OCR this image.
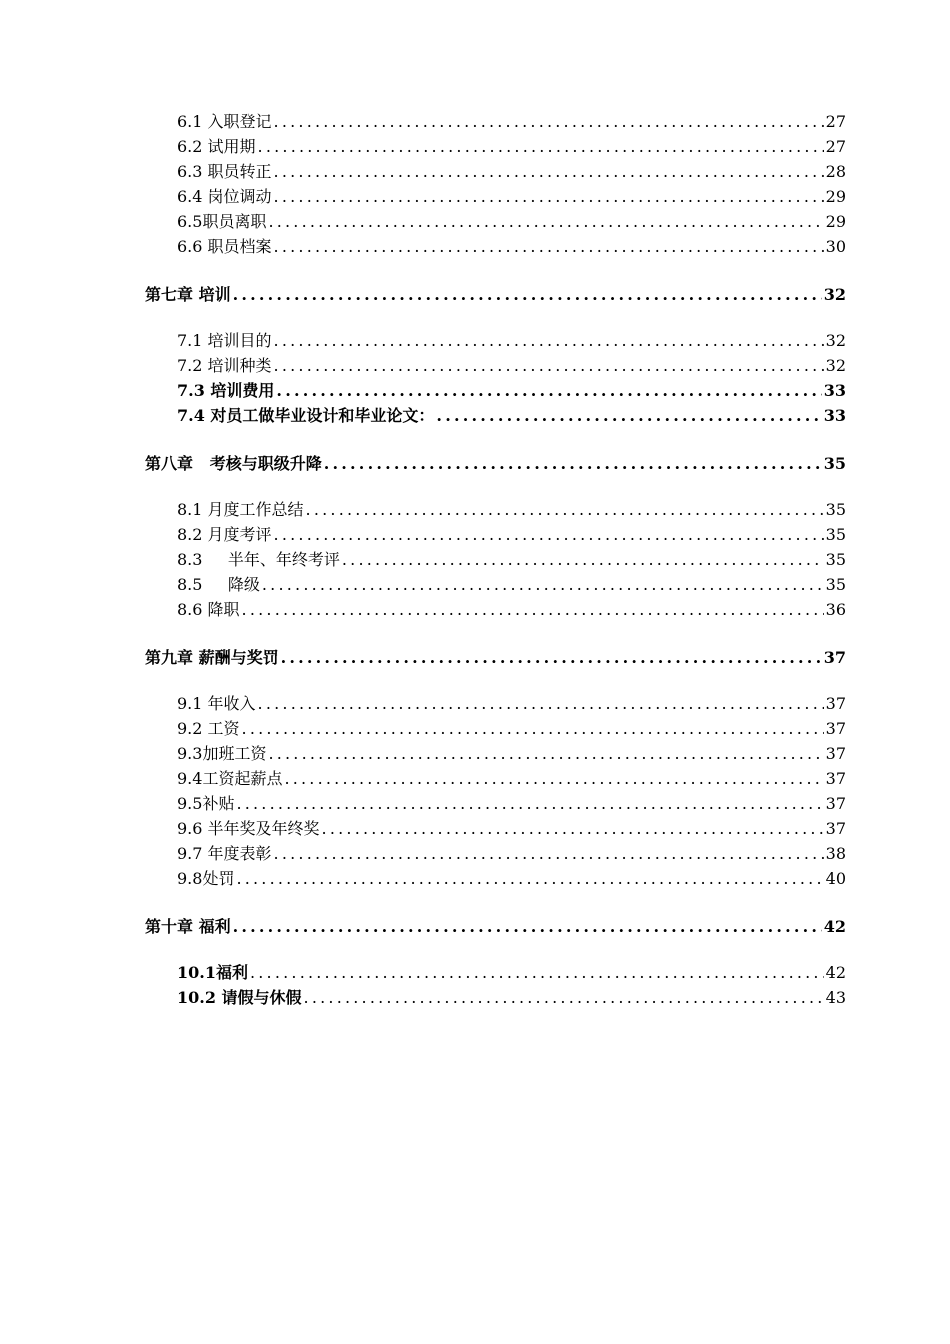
6.1 入职登记 .....	27
6.2 试用期 .....	27
6.3 职员转正 .....	28
6.4 岗位调动 .....	29
6.5职员离职 .....	29
6.6 职员档案 .....	30
第七章 培训 .....	32
7.1 培训目的 .....	32
7.2 培训种类 .....	32
7.3 培训费用 .....	33
7.4 对员工做毕业设计和毕业论文： .....	33
第八章   考核与职级升降 .....	35
8.1 月度工作总结 .....	35
8.2 月度考评 .....	35
8.3     半年、年终考评 .....	35
8.5     降级 .....	35
8.6 降职 .....	36
第九章 薪酬与奖罚 .....	37
9.1 年收入 .....	37
9.2 工资 .....	37
9.3加班工资 .....	37
9.4工资起薪点 .....	37
9.5补贴 .....	37
9.6 半年奖及年终奖 .....	37
9.7 年度表彰 .....	38
9.8处罚 .....	40
第十章 福利 .....	42
10.1福利 .....	42
10.2 请假与休假 .....	43
